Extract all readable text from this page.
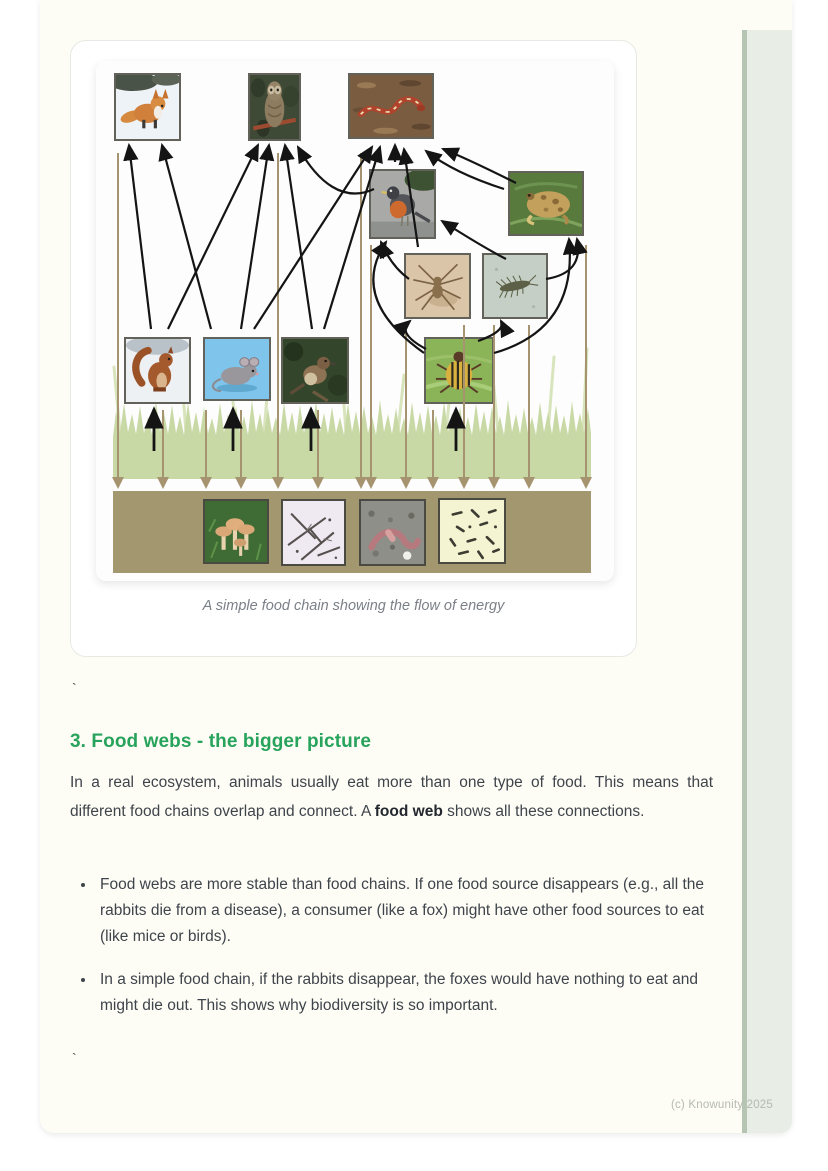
A simple food chain showing the flow of energy
`
3. Food webs - the bigger picture

In a real ecosystem, animals usually eat more than one type of food. This means that different food chains overlap and connect. A food web shows all these connections.

• Food webs are more stable than food chains. If one food source disappears (e.g., all the rabbits die from a disease), a consumer (like a fox) might have other food sources to eat (like mice or birds).
• In a simple food chain, if the rabbits disappear, the foxes would have nothing to eat and might die out. This shows why biodiversity is so important.
`
(c) Knowunity 2025
